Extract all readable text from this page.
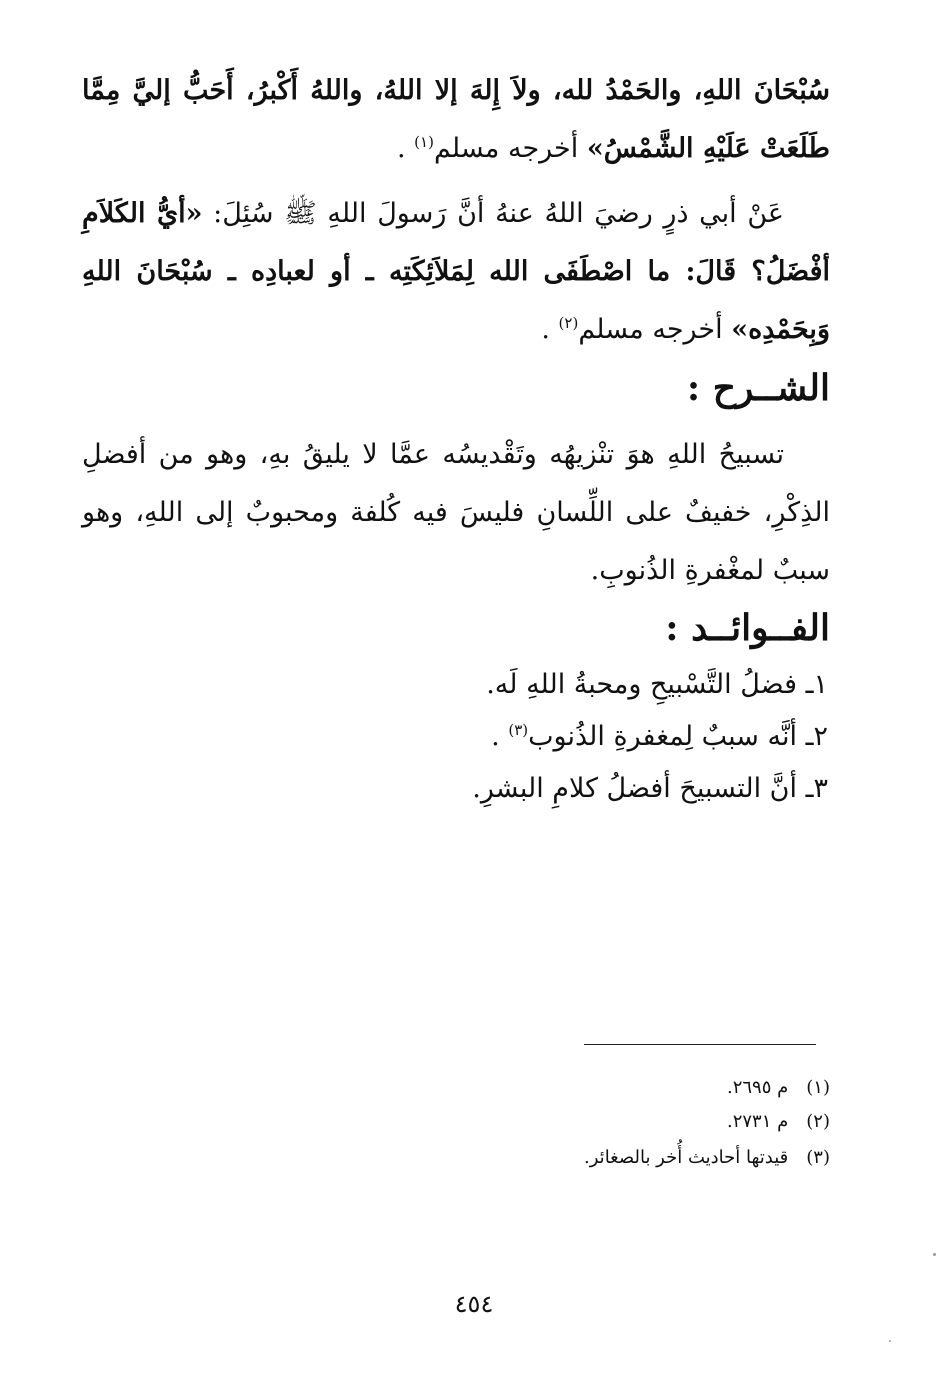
سُبْحَانَ اللهِ، والحَمْدُ لله، ولاَ إِلهَ إلا اللهُ، واللهُ أَكْبرُ، أَحَبُّ إليَّ مِمَّا طَلَعَتْ عَلَيْهِ الشَّمْسُ» أخرجه مسلم$^{(١)}$ .

عَنْ أبي ذرٍ رضيَ اللهُ عنهُ أنَّ رَسولَ اللهِ ﷺ سُئِلَ: «أيُّ الكَلاَمِ أفْضَلُ؟ قَالَ: ما اصْطَفَى الله لِمَلاَئِكَتِه ـ أو لعبادِه ـ سُبْحَانَ اللهِ وَبِحَمْدِه» أخرجه مسلم$^{(٢)}$ .

الشــرح :

تسبيحُ اللهِ هوَ تنْزيهُه وتَقْديسُه عمَّا لا يليقُ بهِ، وهو من أفضلِ الذِكْرِ، خفيفٌ على اللِّسانِ فليسَ فيه كُلفة ومحبوبٌ إلى اللهِ، وهو سببٌ لمغْفرةِ الذُنوبِ.

الفــوائــد :

١ـ فضلُ التَّسْبيحِ ومحبةُ اللهِ لَه.

٢ـ أنَّه سببٌ لِمغفرةِ الذُنوب$^{(٣)}$ .

٣ـ أنَّ التسبيحَ أفضلُ كلامِ البشرِ.

(١)م ٢٦٩٥.
(٢)م ٢٧٣١.
(٣)قيدتها أحاديث أُخر بالصغائر.
٤٥٤
